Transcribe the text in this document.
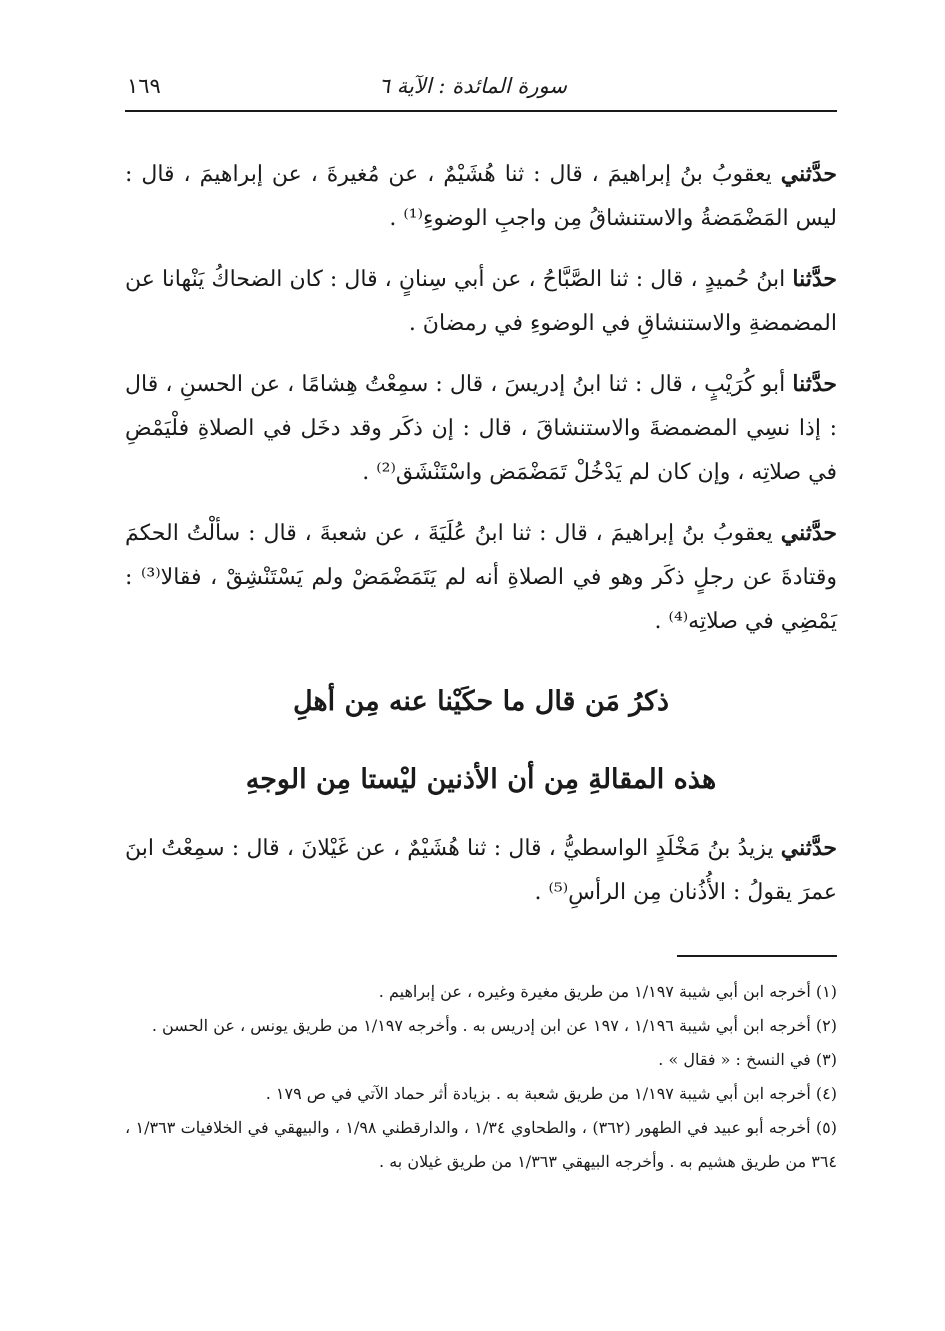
سورة المائدة : الآية ٦
١٦٩

حدَّثني يعقوبُ بنُ إبراهيمَ ، قال : ثنا هُشَيْمٌ ، عن مُغيرةَ ، عن إبراهيمَ ، قال : ليس المَضْمَضةُ والاستنشاقُ مِن واجبِ الوضوءِ⁽¹⁾ .

حدَّثنا ابنُ حُميدٍ ، قال : ثنا الصَّبَّاحُ ، عن أبي سِنانٍ ، قال : كان الضحاكُ يَنْهانا عن المضمضةِ والاستنشاقِ في الوضوءِ في رمضانَ .

حدَّثنا أبو كُرَيْبٍ ، قال : ثنا ابنُ إدريسَ ، قال : سمِعْتُ هِشامًا ، عن الحسنِ ، قال : إذا نسِي المضمضةَ والاستنشاقَ ، قال : إن ذكَر وقد دخَل في الصلاةِ فلْيَمْضِ في صلاتِه ، وإن كان لم يَدْخُلْ تَمَضْمَض واسْتَنْشَق⁽²⁾ .

حدَّثني يعقوبُ بنُ إبراهيمَ ، قال : ثنا ابنُ عُلَيَةَ ، عن شعبةَ ، قال : سألْتُ الحكمَ وقتادةَ عن رجلٍ ذكَر وهو في الصلاةِ أنه لم يَتَمَضْمَضْ ولم يَسْتَنْشِقْ ، فقالا⁽³⁾ : يَمْضِي في صلاتِه⁽⁴⁾ .

ذكرُ مَن قال ما حكَيْنا عنه مِن أهلِ
هذه المقالةِ مِن أن الأذنين ليْستا مِن الوجهِ

حدَّثني يزيدُ بنُ مَخْلَدٍ الواسطيُّ ، قال : ثنا هُشَيْمٌ ، عن غَيْلانَ ، قال : سمِعْتُ ابنَ عمرَ يقولُ : الأُذُنان مِن الرأسِ⁽⁵⁾ .

(١) أخرجه ابن أبي شيبة ١/١٩٧ من طريق مغيرة وغيره ، عن إبراهيم .

(٢) أخرجه ابن أبي شيبة ١/١٩٦ ، ١٩٧ عن ابن إدريس به . وأخرجه ١/١٩٧ من طريق يونس ، عن الحسن .

(٣) في النسخ : « فقال » .

(٤) أخرجه ابن أبي شيبة ١/١٩٧ من طريق شعبة به . بزيادة أثر حماد الآتي في ص ١٧٩ .

(٥) أخرجه أبو عبيد في الطهور (٣٦٢) ، والطحاوي ١/٣٤ ، والدارقطني ١/٩٨ ، والبيهقي في الخلافيات ١/٣٦٣ ، ٣٦٤ من طريق هشيم به . وأخرجه البيهقي ١/٣٦٣ من طريق غيلان به .
